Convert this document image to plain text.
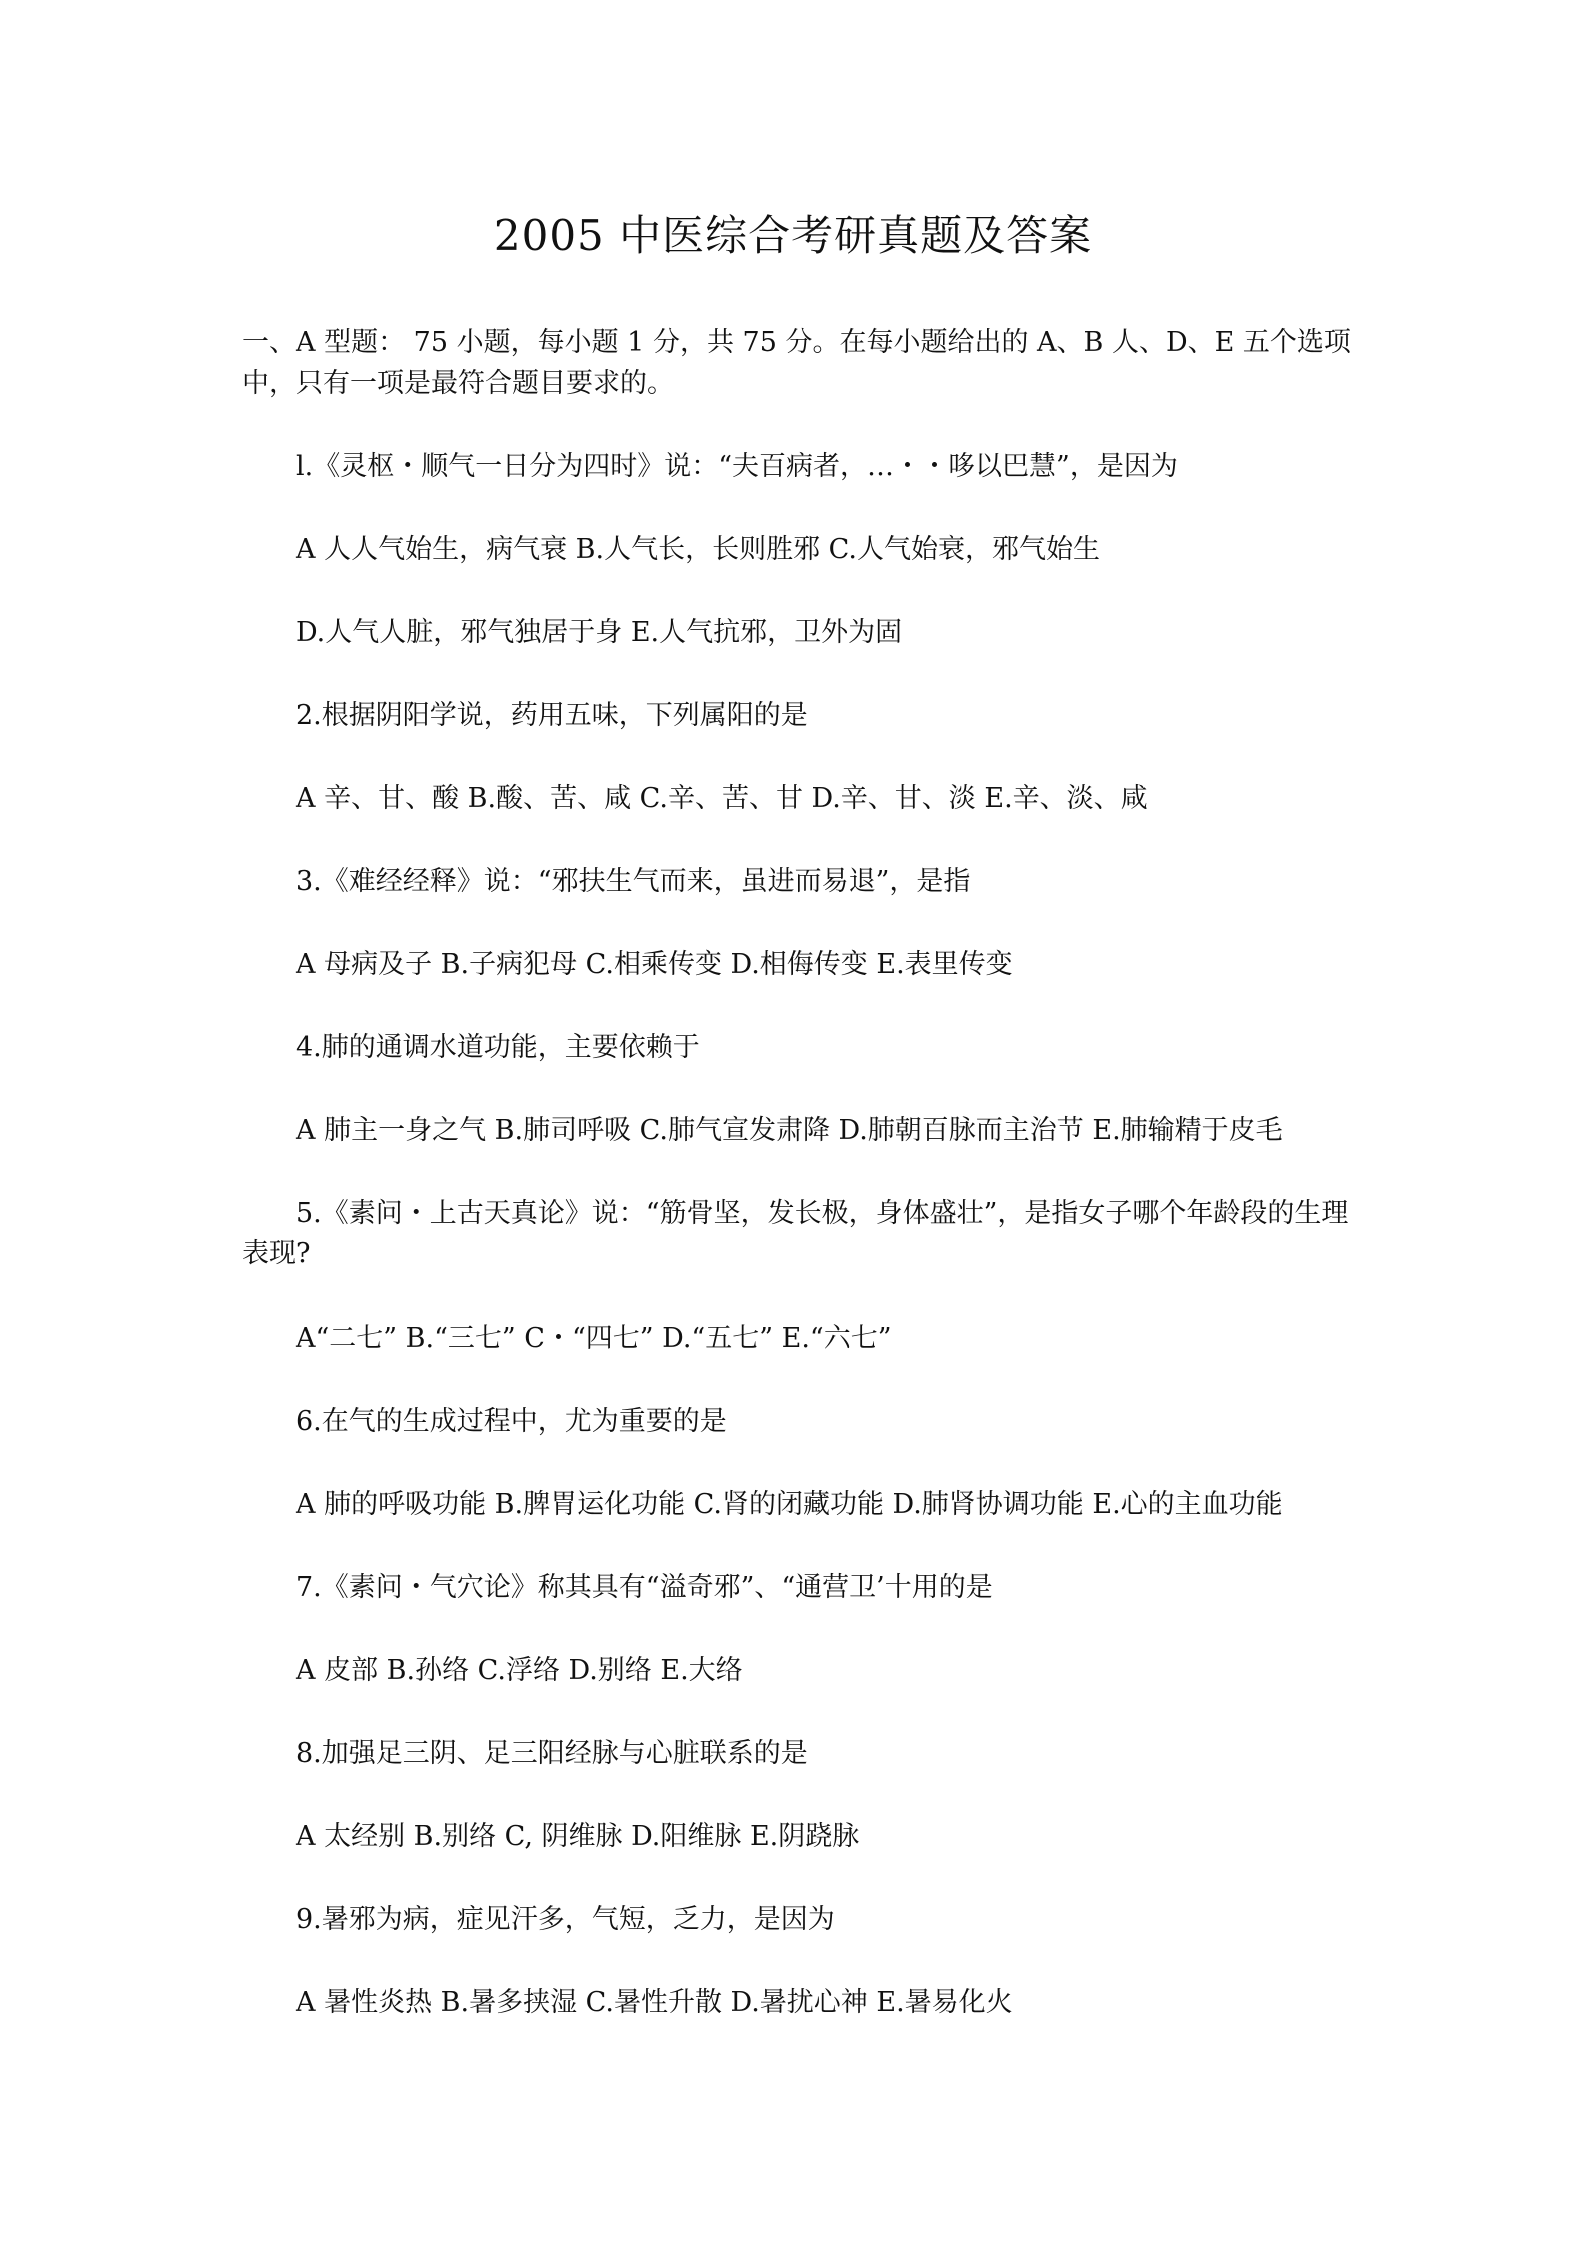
2005 中医综合考研真题及答案
一、A 型题： 75 小题，每小题 1 分，共 75 分。在每小题给出的 A、B 人、D、E 五个选项中，只有一项是最符合题目要求的。
l.《灵枢・顺气一日分为四时》说：“夫百病者，…・・哆以巴慧”，是因为
A 人人气始生，病气衰 B.人气长，长则胜邪 C.人气始衰，邪气始生
D.人气人脏，邪气独居于身 E.人气抗邪，卫外为固
2.根据阴阳学说，药用五味，下列属阳的是
A 辛、甘、酸 B.酸、苦、咸 C.辛、苦、甘 D.辛、甘、淡 E.辛、淡、咸
3.《难经经释》说：“邪扶生气而来，虽进而易退”，是指
A 母病及子 B.子病犯母 C.相乘传变 D.相侮传变 E.表里传变
4.肺的通调水道功能，主要依赖于
A 肺主一身之气 B.肺司呼吸 C.肺气宣发肃降 D.肺朝百脉而主治节 E.肺输精于皮毛
5.《素问・上古天真论》说：“筋骨坚，发长极，身体盛壮”，是指女子哪个年龄段的生理表现?
A“二七” B.“三七” C・“四七” D.“五七” E.“六七”
6.在气的生成过程中，尤为重要的是
A 肺的呼吸功能 B.脾胃运化功能 C.肾的闭藏功能 D.肺肾协调功能 E.心的主血功能
7.《素问・气穴论》称其具有“溢奇邪”、“通营卫’十用的是
A 皮部 B.孙络 C.浮络 D.别络 E.大络
8.加强足三阴、足三阳经脉与心脏联系的是
A 太经别 B.别络 C, 阴维脉 D.阳维脉 E.阴跷脉
9.暑邪为病，症见汗多，气短，乏力，是因为
A 暑性炎热 B.暑多挟湿 C.暑性升散 D.暑扰心神 E.暑易化火
